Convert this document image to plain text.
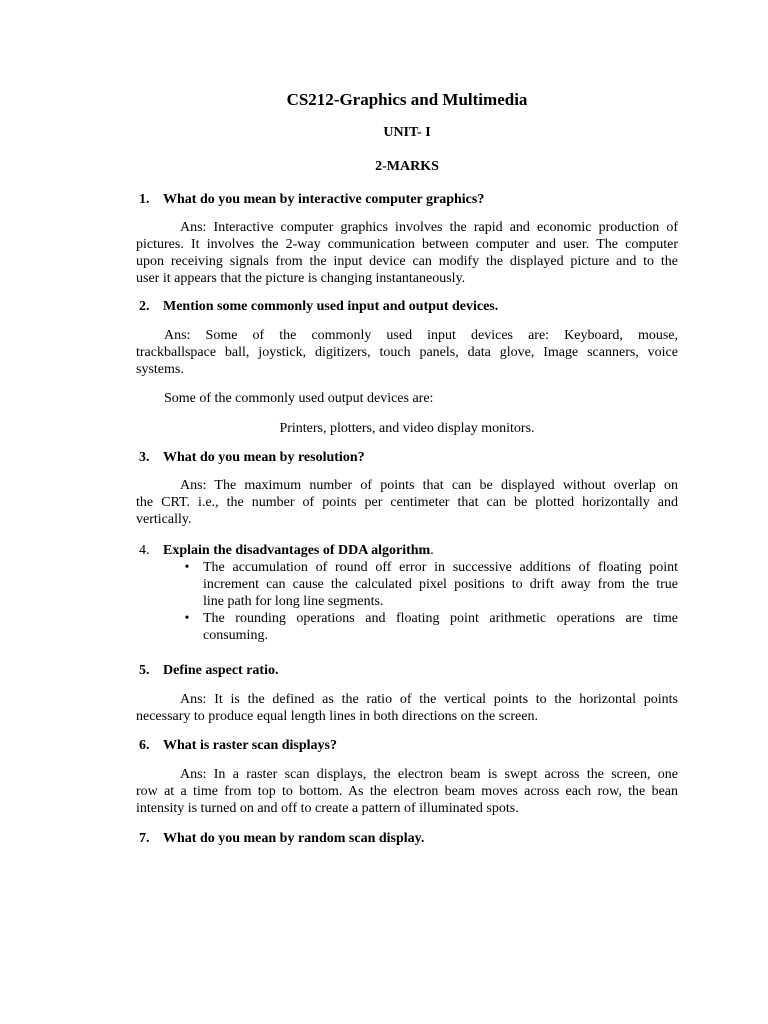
CS212-Graphics and Multimedia
UNIT- I
2-MARKS
1. What do you mean by interactive computer graphics?
Ans: Interactive computer graphics involves the rapid and economic production of
pictures. It involves the 2-way communication between computer and user. The computer
upon receiving signals from the input device can modify the displayed picture and to the
user it appears that the picture is changing instantaneously.
2. Mention some commonly used input and output devices.
Ans: Some of the commonly used input devices are: Keyboard, mouse,
trackballspace ball, joystick, digitizers, touch panels, data glove, Image scanners, voice
systems.
Some of the commonly used output devices are:
Printers, plotters, and video display monitors.
3. What do you mean by resolution?
Ans: The maximum number of points that can be displayed without overlap on
the CRT. i.e., the number of points per centimeter that can be plotted horizontally and
vertically.
4. Explain the disadvantages of DDA algorithm.
• The accumulation of round off error in successive additions of floating point
increment can cause the calculated pixel positions to drift away from the true
line path for long line segments.
• The rounding operations and floating point arithmetic operations are time
consuming.
5. Define aspect ratio.
Ans: It is the defined as the ratio of the vertical points to the horizontal points
necessary to produce equal length lines in both directions on the screen.
6. What is raster scan displays?
Ans: In a raster scan displays, the electron beam is swept across the screen, one
row at a time from top to bottom. As the electron beam moves across each row, the bean
intensity is turned on and off to create a pattern of illuminated spots.
7. What do you mean by random scan display.
